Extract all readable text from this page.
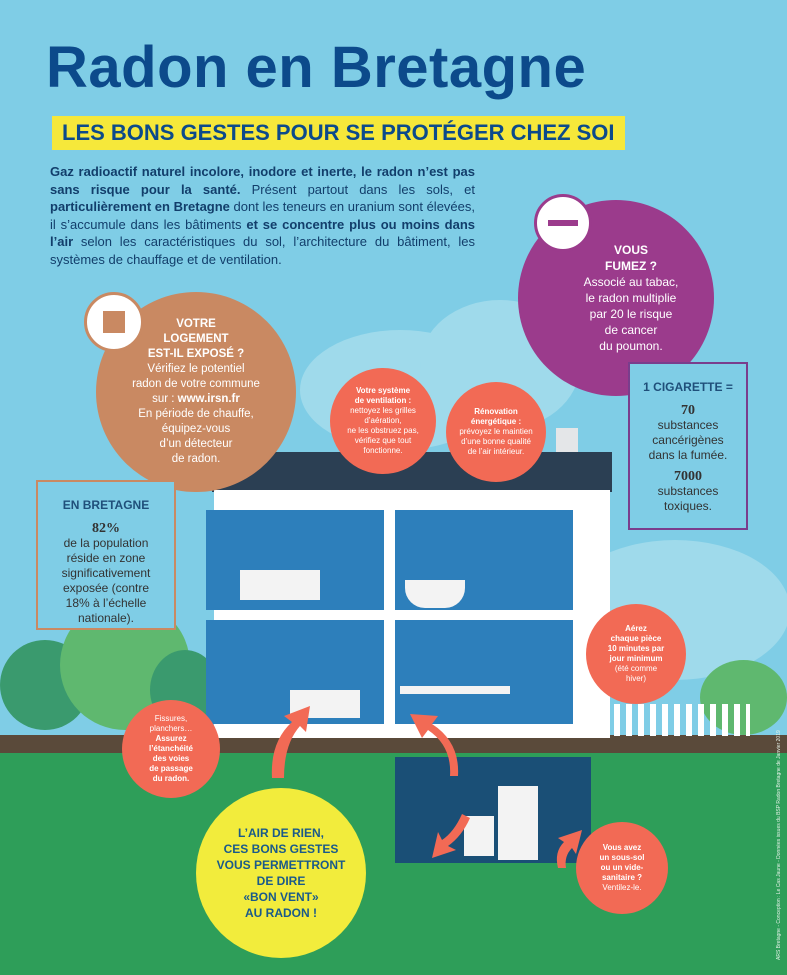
Radon en Bretagne
LES BONS GESTES POUR SE PROTÉGER CHEZ SOI
Gaz radioactif naturel incolore, inodore et inerte, le radon n’est pas sans risque pour la santé. Présent partout dans les sols, et particulièrement en Bretagne dont les teneurs en uranium sont élevées, il s’accumule dans les bâtiments et se concentre plus ou moins dans l’air selon les caractéristiques du sol, l’architecture du bâtiment, les systèmes de chauffage et de ventilation.
VOTRE
LOGEMENT
EST-IL EXPOSÉ ?
Vérifiez le potentiel
radon de votre commune
sur : www.irsn.fr
En période de chauffe,
équipez-vous
d’un détecteur
de radon.
VOUS
FUMEZ ?
Associé au tabac,
le radon multiplie
par 20 le risque
de cancer
du poumon.
1 CIGARETTE =
70
substances
cancérigènes
dans la fumée.
7000
substances
toxiques.
EN BRETAGNE
82%
de la population
réside en zone
significativement
exposée (contre
18% à l’échelle
nationale).
Votre système
de ventilation :
nettoyez les grilles
d’aération,
ne les obstruez pas,
vérifiez que tout
fonctionne.
Rénovation
énergétique :
prévoyez le maintien
d’une bonne qualité
de l’air intérieur.
Aérez
chaque pièce
10 minutes par
jour minimum
(été comme
hiver)
Fissures,
planchers…
Assurez
l’étanchéité
des voies
de passage
du radon.
Vous avez
un sous-sol
ou un vide-
sanitaire ?
Ventilez-le.
L’AIR DE RIEN,
CES BONS GESTES
VOUS PERMETTRONT
DE DIRE
«BON VENT»
AU RADON !	ARS Bretagne - Conception : Le Cas Jaune - Données issues du BSP Radon Bretagne de Janvier 2019
